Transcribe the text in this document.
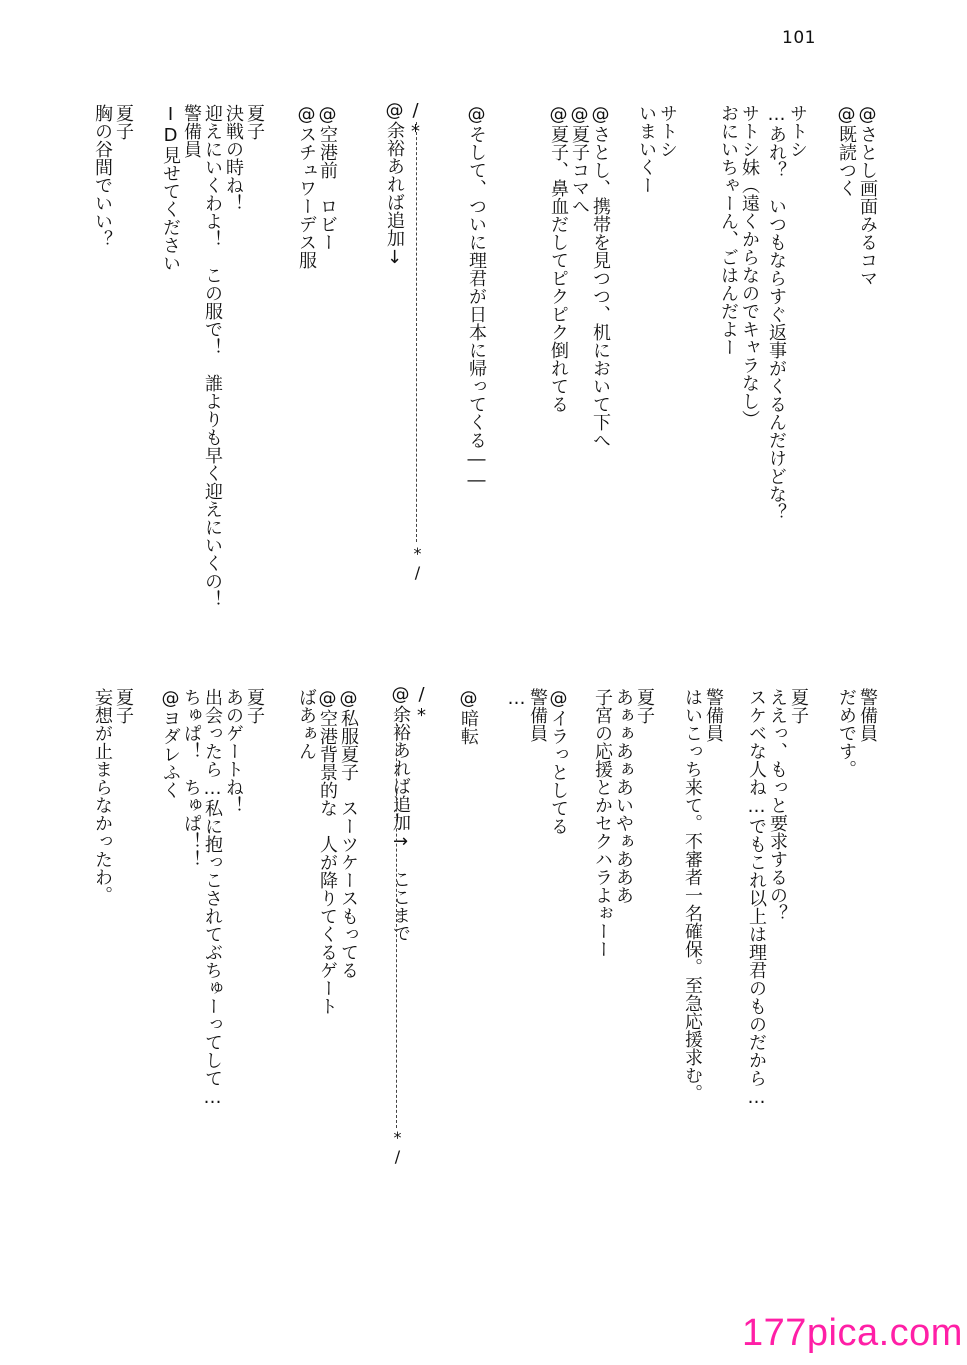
101
@さとし画面みるコマ
@既読つく
サトシ
…あれ？　いつもならすぐ返事がくるんだけどな？
サトシ妹（遠くからなのでキャラなし）
おにいちゃーん、ごはんだよー
サトシ
いまいくー
@さとし、携帯を見つつ、机において下へ
@夏子コマへ
@夏子、鼻血だしてピクピク倒れてる
@そして、ついに理君が日本に帰ってくる――
/*
@余裕あれば追加↓
*/
@空港前　ロビー
@スチュワーデス服
夏子
決戦の時ね！
迎えにいくわよ！　この服で！　誰よりも早く迎えにいくの！
警備員
ID見せてください
夏子
胸の谷間でいい？
警備員
だめです。
夏子
ええっ、もっと要求するの？
スケベな人ね…でもこれ以上は理君のものだから…
警備員
はいこっち来て。不審者一名確保。至急応援求む。
夏子
あぁぁあぁあいやぁあああ
子宮の応援とかセクハラよぉーー
@イラっとしてる
警備員
…
@暗転
/*
@余裕あれば追加→　ここまで
*/
@私服夏子　スーツケースもってる
@空港背景的な　人が降りてくるゲート
ばあぁん
夏子
あのゲートね！
出会ったら…私に抱っこされてぶちゅーってして…
ちゅぱ！　ちゅぱ！！
@ヨダレふく
夏子
妄想が止まらなかったわ。
177pica.com
